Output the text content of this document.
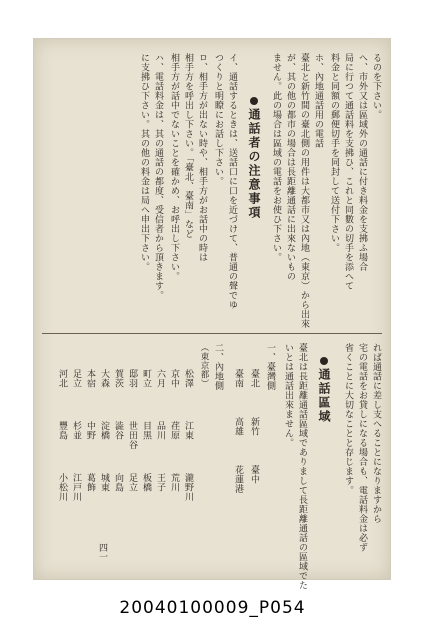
るのを下さい。
へ、市外又は區域外の通話に付き料金を支拂ふ場合
局に行つて通話料を支拂ひ、これと同數の切手を添へて
料金と同額の郵便切手を同封して送付下さい。
ホ、內地通話用の電話
臺北と新竹間の臺北側の用件は大都市又は內地（東京）から出來
が、其の他の都市の場合は長距離通話に出來ないもの
ません。此の場合は區域の電話をお使ひ下さい。
通話者の注意事項
イ、通話するときは、送話口に口を近づけて、普通の聲でゆ
つくりと明瞭にお話し下さい。
ロ、相手方が出ない時や、相手方がお話中の時は
相手方を呼出し下さい。「臺北、臺南」など
相手方が話中でないことを確かめ、お呼出し下さい。
ハ、電話料金は、其の通話の都度、受信者から頂きます。
に支拂ひ下さい。其の他の料金は局へ申出下さい。
れば通話に差し支へることになりますから
宅の電話をお貸しになる場合も、電話料金は必ず
省くことに大切なことと存じます。
通話區域
臺北は長距離通話區域でありまして長距離通話の區域でた
いとは通話出來ません。
一、臺灣側
臺北
新竹
臺中
臺南
高雄
花蓮港
二、內地側
（東京都）
松澤
京中
六月
町立
邸羽
賀茨
大森
本宿
足立
河北
江東
荏原
品川
目黒
世田谷
澁谷
淀橋
中野
杉並
豐島
瀧野川
荒川
王子
板橋
足立
向島
城東
葛飾
江戸川
小松川
四一
20040100009_P054
